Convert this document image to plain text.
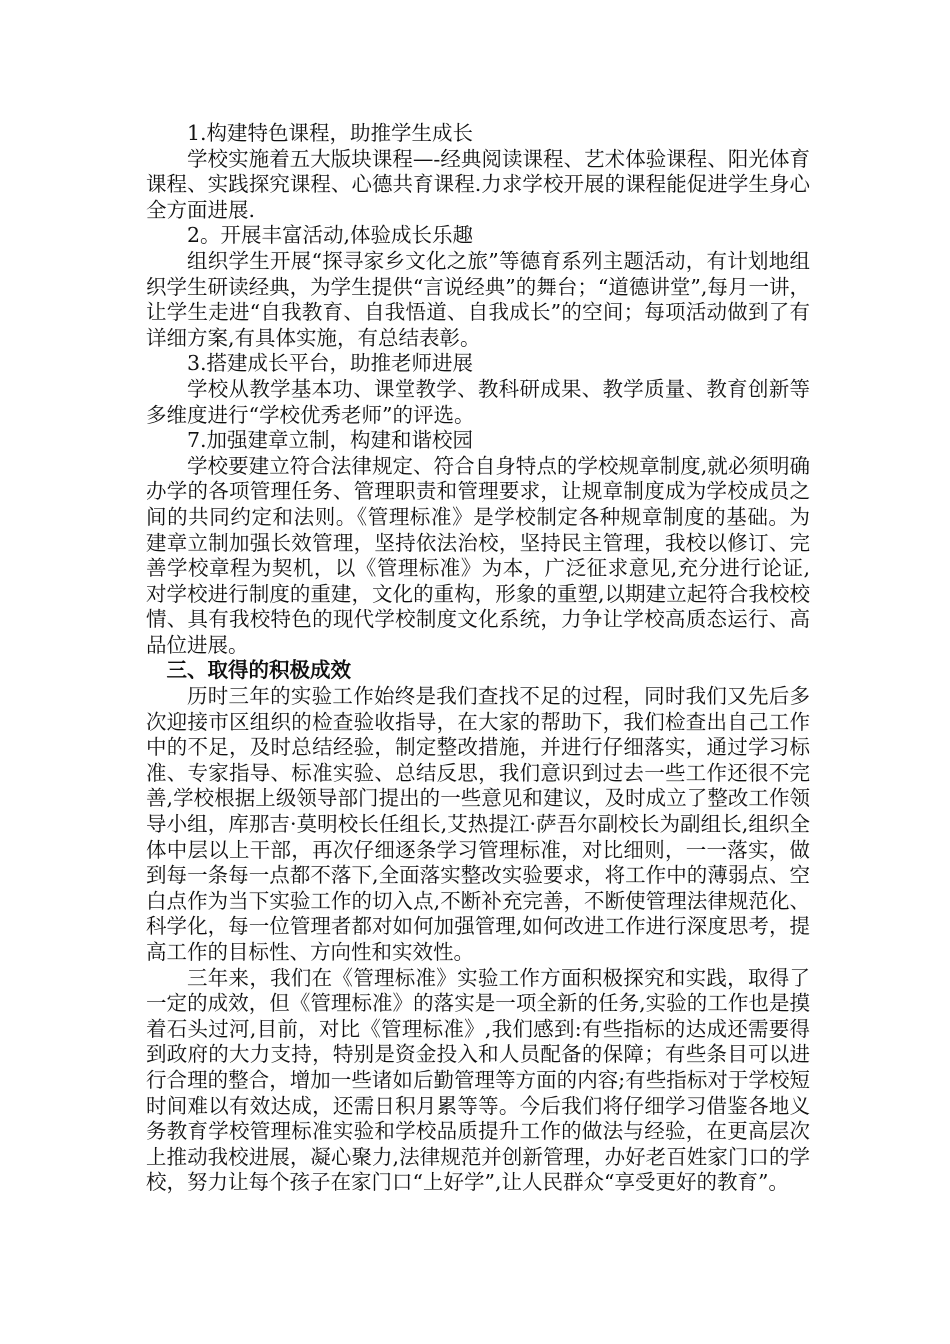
1.构建特色课程，助推学生成长

学校实施着五大版块课程—-经典阅读课程、艺术体验课程、阳光体育课程、实践探究课程、心德共育课程.力求学校开展的课程能促进学生身心全方面进展.

2。开展丰富活动,体验成长乐趣

组织学生开展“探寻家乡文化之旅”等德育系列主题活动，有计划地组织学生研读经典，为学生提供“言说经典”的舞台；“道德讲堂”,每月一讲，让学生走进“自我教育、自我悟道、自我成长”的空间；每项活动做到了有详细方案,有具体实施，有总结表彰。

3.搭建成长平台，助推老师进展

学校从教学基本功、课堂教学、教科研成果、教学质量、教育创新等多维度进行“学校优秀老师”的评选。

7.加强建章立制，构建和谐校园

学校要建立符合法律规定、符合自身特点的学校规章制度,就必须明确办学的各项管理任务、管理职责和管理要求，让规章制度成为学校成员之间的共同约定和法则。《管理标准》是学校制定各种规章制度的基础。为建章立制加强长效管理，坚持依法治校，坚持民主管理，我校以修订、完善学校章程为契机，以《管理标准》为本，广泛征求意见,充分进行论证,对学校进行制度的重建，文化的重构，形象的重塑,以期建立起符合我校校情、具有我校特色的现代学校制度文化系统，力争让学校高质态运行、高品位进展。

三、取得的积极成效

历时三年的实验工作始终是我们查找不足的过程，同时我们又先后多次迎接市区组织的检查验收指导，在大家的帮助下，我们检查出自己工作中的不足，及时总结经验，制定整改措施，并进行仔细落实，通过学习标准、专家指导、标准实验、总结反思，我们意识到过去一些工作还很不完善,学校根据上级领导部门提出的一些意见和建议，及时成立了整改工作领导小组，库那吉·莫明校长任组长,艾热提江·萨吾尔副校长为副组长,组织全体中层以上干部，再次仔细逐条学习管理标准，对比细则，一一落实，做到每一条每一点都不落下,全面落实整改实验要求，将工作中的薄弱点、空白点作为当下实验工作的切入点,不断补充完善，不断使管理法律规范化、科学化，每一位管理者都对如何加强管理,如何改进工作进行深度思考，提高工作的目标性、方向性和实效性。

三年来，我们在《管理标准》实验工作方面积极探究和实践，取得了一定的成效，但《管理标准》的落实是一项全新的任务,实验的工作也是摸着石头过河,目前，对比《管理标准》,我们感到:有些指标的达成还需要得到政府的大力支持，特别是资金投入和人员配备的保障；有些条目可以进行合理的整合，增加一些诸如后勤管理等方面的内容;有些指标对于学校短时间难以有效达成，还需日积月累等等。今后我们将仔细学习借鉴各地义务教育学校管理标准实验和学校品质提升工作的做法与经验，在更高层次上推动我校进展，凝心聚力,法律规范并创新管理，办好老百姓家门口的学校，努力让每个孩子在家门口“上好学”,让人民群众“享受更好的教育”。
